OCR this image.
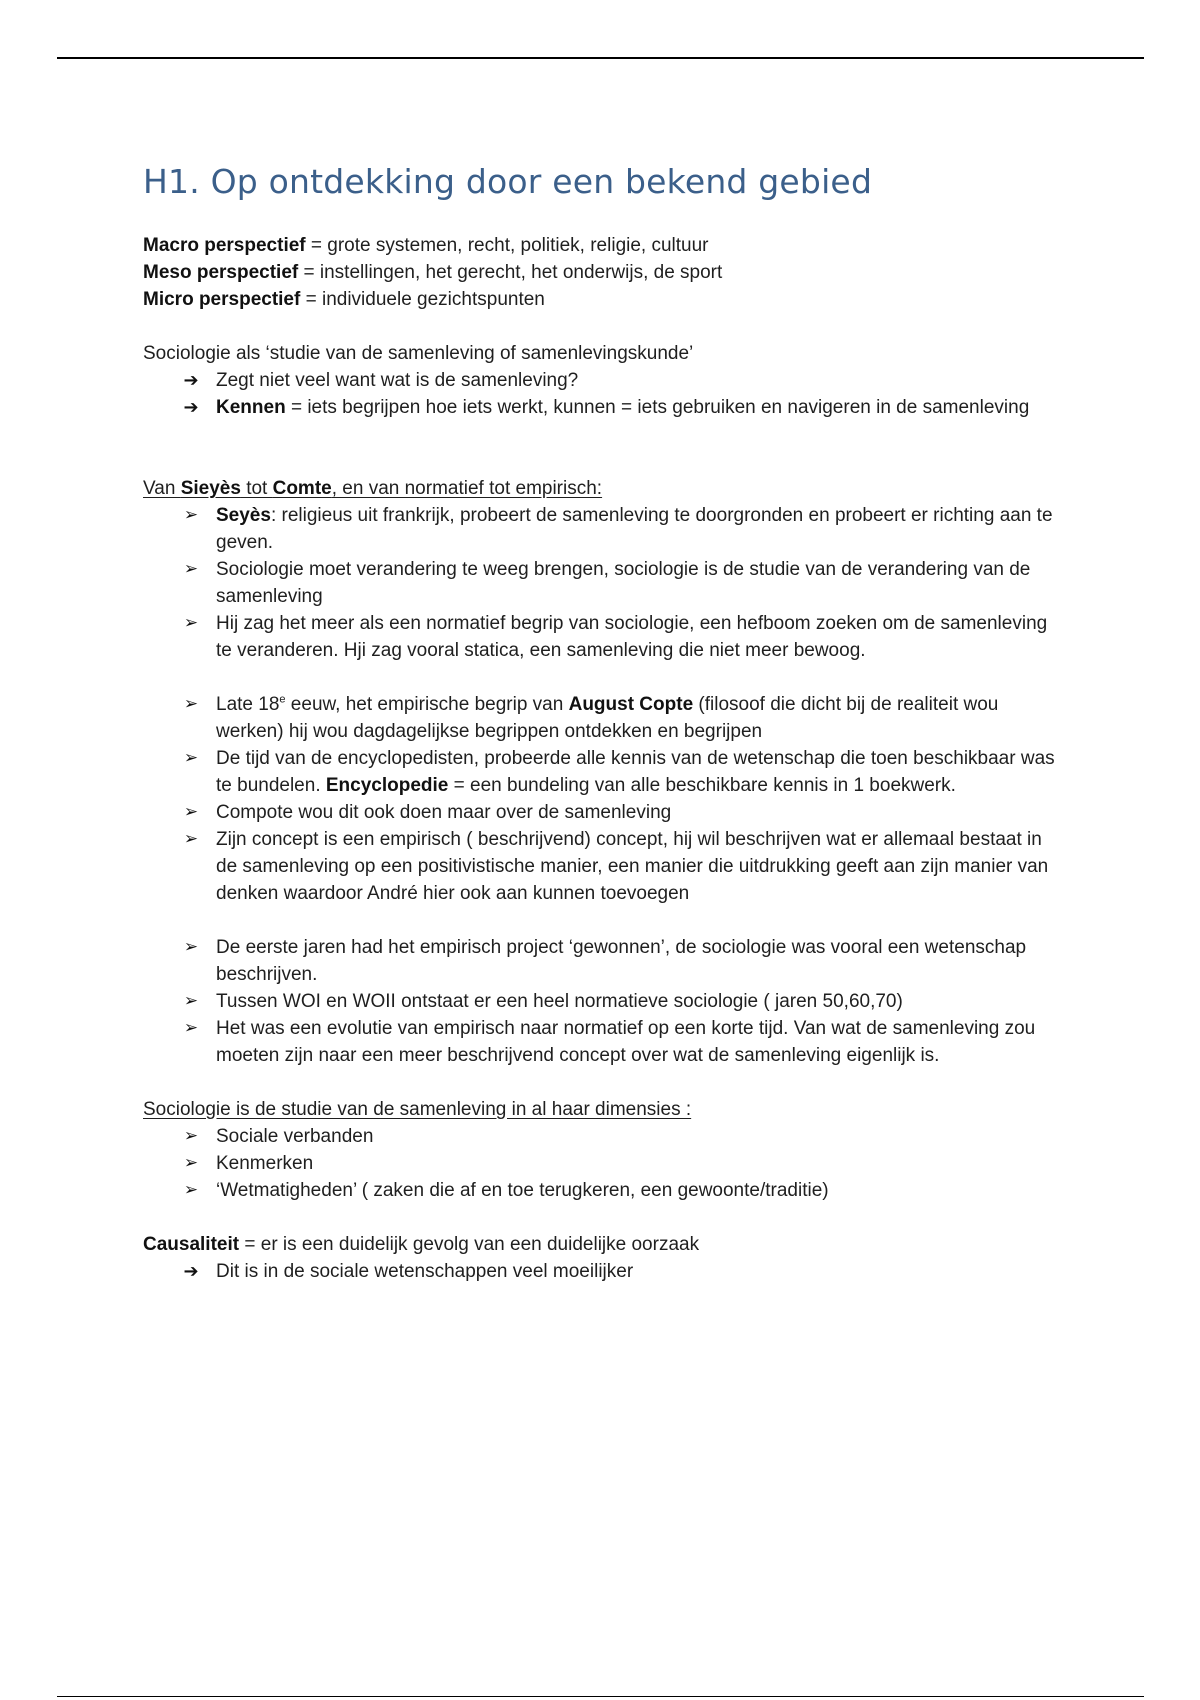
H1. Op ontdekking door een bekend gebied

Macro perspectief = grote systemen, recht, politiek, religie, cultuur

Meso perspectief = instellingen, het gerecht, het onderwijs, de sport

Micro perspectief = individuele gezichtspunten

Sociologie als ‘studie van de samenleving of samenlevingskunde’

➔ Zegt niet veel want wat is de samenleving?
➔ Kennen = iets begrijpen hoe iets werkt, kunnen = iets gebruiken en navigeren in de samenleving

Van Sieyès tot Comte, en van normatief tot empirisch:

➢ Seyès: religieus uit frankrijk, probeert de samenleving te doorgronden en probeert er richting aan te geven.
➢ Sociologie moet verandering te weeg brengen, sociologie is de studie van de verandering van de samenleving
➢ Hij zag het meer als een normatief begrip van sociologie, een hefboom zoeken om de samenleving te veranderen. Hji zag vooral statica, een samenleving die niet meer bewoog.
➢ Late 18e eeuw, het empirische begrip van August Copte (filosoof die dicht bij de realiteit wou werken) hij wou dagdagelijkse begrippen ontdekken en begrijpen
➢ De tijd van de encyclopedisten, probeerde alle kennis van de wetenschap die toen beschikbaar was te bundelen. Encyclopedie = een bundeling van alle beschikbare kennis in 1 boekwerk.
➢ Compote wou dit ook doen maar over de samenleving
➢ Zijn concept is een empirisch ( beschrijvend) concept, hij wil beschrijven wat er allemaal bestaat in de samenleving op een positivistische manier, een manier die uitdrukking geeft aan zijn manier van denken waardoor André hier ook aan kunnen toevoegen
➢ De eerste jaren had het empirisch project ‘gewonnen’, de sociologie was vooral een wetenschap beschrijven.
➢ Tussen WOI en WOII ontstaat er een heel normatieve sociologie ( jaren 50,60,70)
➢ Het was een evolutie van empirisch naar normatief op een korte tijd. Van wat de samenleving zou moeten zijn naar een meer beschrijvend concept over wat de samenleving eigenlijk is.

Sociologie is de studie van de samenleving in al haar dimensies :

➢ Sociale verbanden
➢ Kenmerken
➢ ‘Wetmatigheden’ ( zaken die af en toe terugkeren, een gewoonte/traditie)

Causaliteit = er is een duidelijk gevolg van een duidelijke oorzaak

➔ Dit is in de sociale wetenschappen veel moeilijker
